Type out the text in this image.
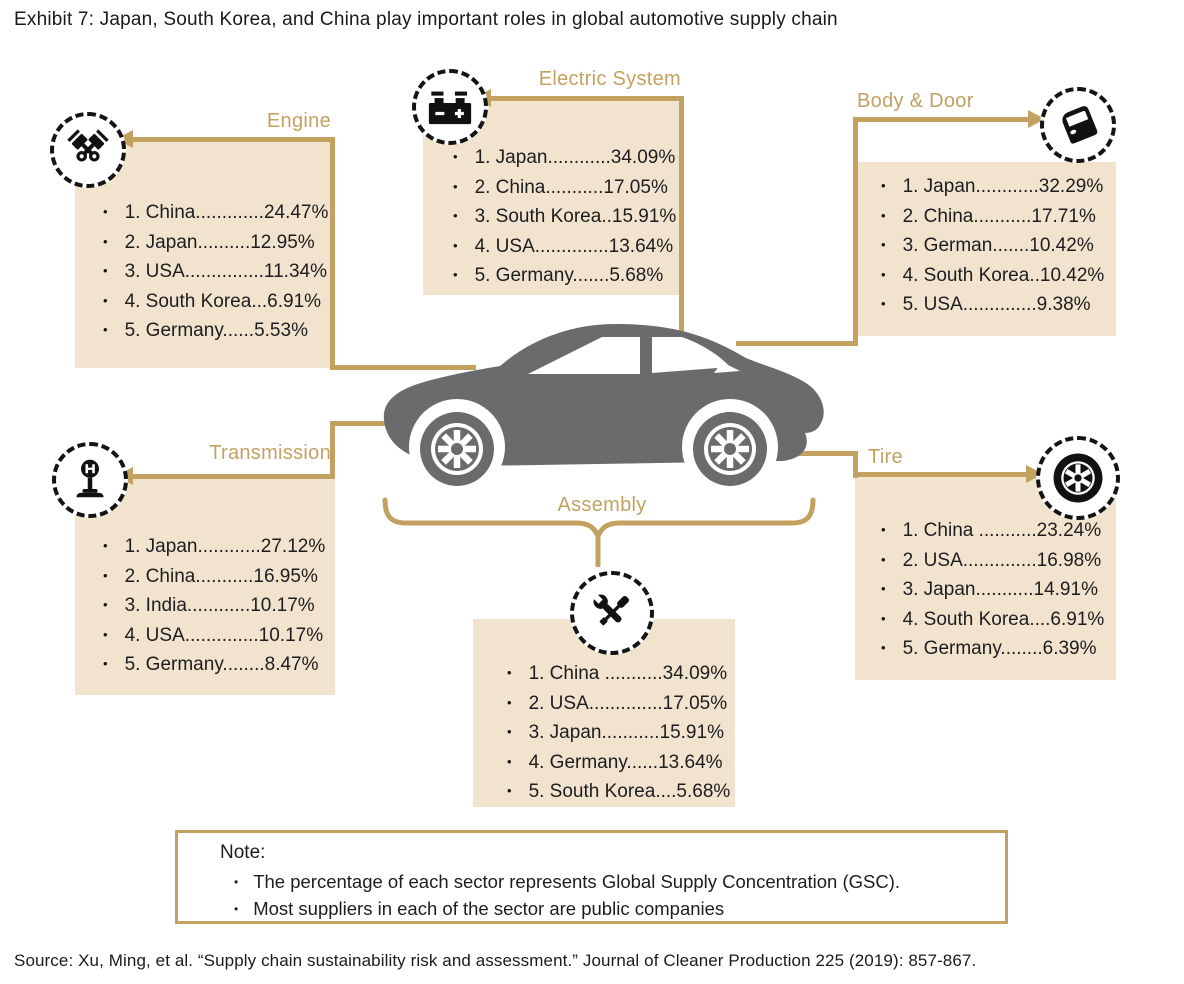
Exhibit 7: Japan, South Korea, and China play important roles in global automotive supply chain
Engine
• 1. China.............24.47%
• 2. Japan..........12.95%
• 3. USA...............11.34%
• 4. South Korea...6.91%
• 5. Germany......5.53%
Electric System
• 1. Japan............34.09%
• 2. China...........17.05%
• 3. South Korea..15.91%
• 4. USA..............13.64%
• 5. Germany.......5.68%
Body & Door
• 1. Japan............32.29%
• 2. China...........17.71%
• 3. German.......10.42%
• 4. South Korea..10.42%
• 5. USA..............9.38%
Transmission
• 1. Japan............27.12%
• 2. China...........16.95%
• 3. India............10.17%
• 4. USA..............10.17%
• 5. Germany........8.47%
Tire
• 1. China ...........23.24%
• 2. USA..............16.98%
• 3. Japan...........14.91%
• 4. South Korea....6.91%
• 5. Germany........6.39%
Assembly
• 1. China ...........34.09%
• 2. USA..............17.05%
• 3. Japan...........15.91%
• 4. Germany......13.64%
• 5. South Korea....5.68%
Note:
• The percentage of each sector represents Global Supply Concentration (GSC).
• Most suppliers in each of the sector are public companies
Source: Xu, Ming, et al. “Supply chain sustainability risk and assessment.” Journal of Cleaner Production 225 (2019): 857-867.
